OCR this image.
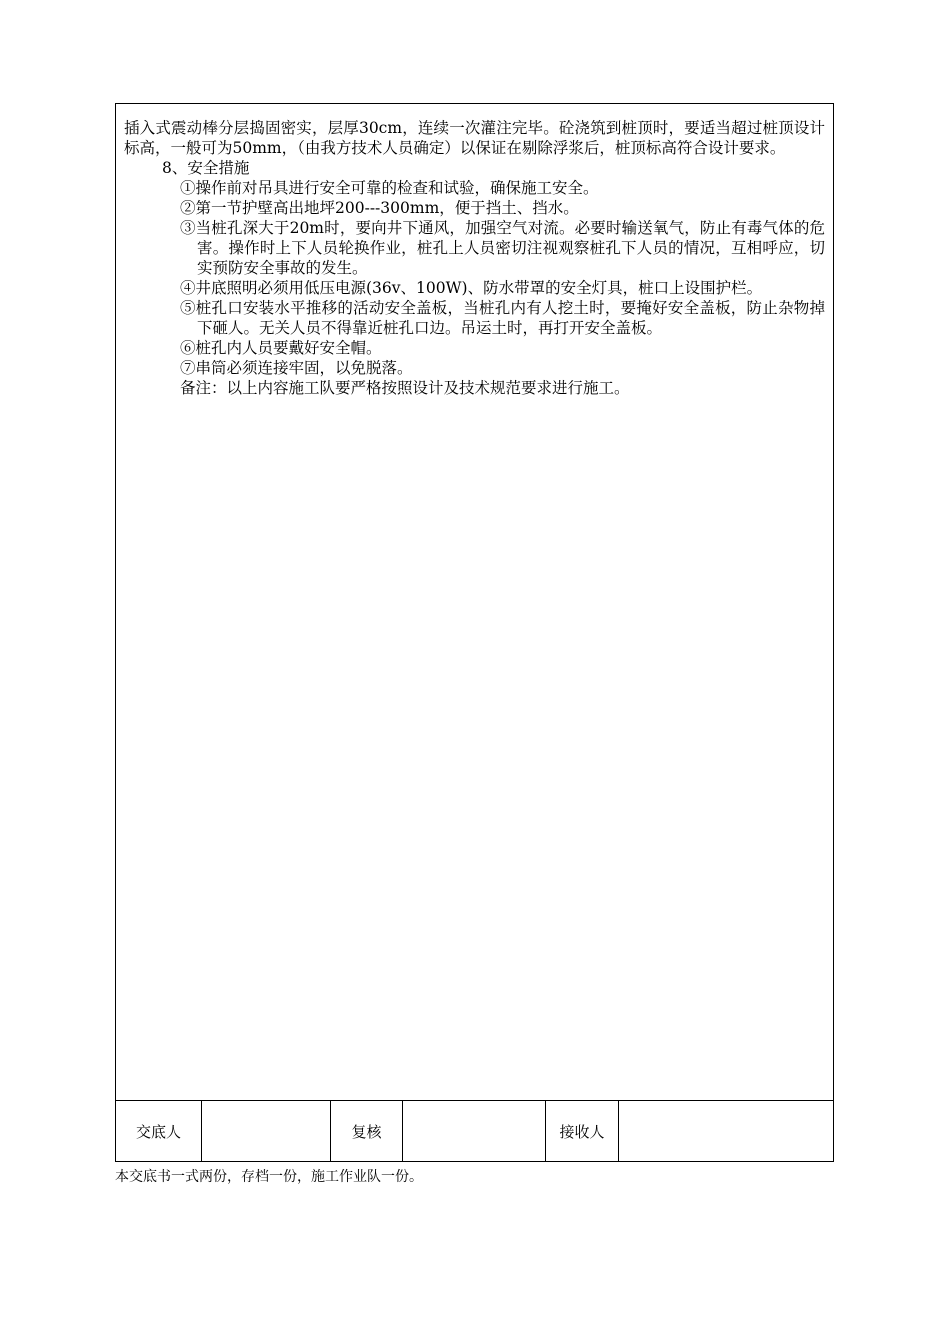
插入式震动棒分层捣固密实，层厚30cm，连续一次灌注完毕。砼浇筑到桩顶时，要适当超过桩顶设计标高，一般可为50mm，（由我方技术人员确定）以保证在剔除浮浆后，桩顶标高符合设计要求。

8、安全措施

①操作前对吊具进行安全可靠的检查和试验，确保施工安全。

②第一节护壁高出地坪200---300mm，便于挡土、挡水。

③当桩孔深大于20m时，要向井下通风，加强空气对流。必要时输送氧气，防止有毒气体的危害。操作时上下人员轮换作业，桩孔上人员密切注视观察桩孔下人员的情况，互相呼应，切实预防安全事故的发生。

④井底照明必须用低压电源(36v、100W)、防水带罩的安全灯具，桩口上设围护栏。

⑤桩孔口安装水平推移的活动安全盖板，当桩孔内有人挖土时，要掩好安全盖板，防止杂物掉下砸人。无关人员不得靠近桩孔口边。吊运土时，再打开安全盖板。

⑥桩孔内人员要戴好安全帽。

⑦串筒必须连接牢固，以免脱落。

备注：以上内容施工队要严格按照设计及技术规范要求进行施工。

交底人	复核	接收人
本交底书一式两份，存档一份，施工作业队一份。
